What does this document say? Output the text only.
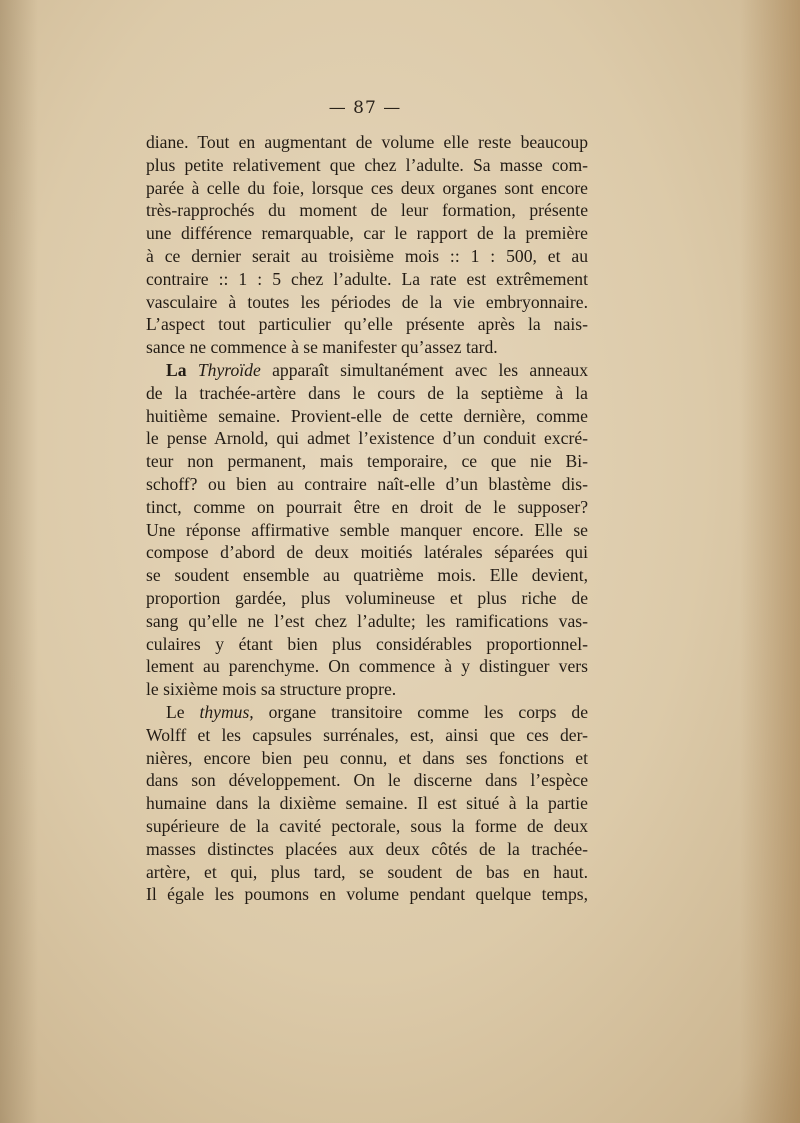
— 87 —
diane. Tout en augmentant de volume elle reste beaucoup
plus petite relativement que chez l’adulte. Sa masse com-
parée à celle du foie, lorsque ces deux organes sont encore
très-rapprochés du moment de leur formation, présente
une différence remarquable, car le rapport de la première
à ce dernier serait au troisième mois :: 1 : 500, et au
contraire :: 1 : 5 chez l’adulte. La rate est extrêmement
vasculaire à toutes les périodes de la vie embryonnaire.
L’aspect tout particulier qu’elle présente après la nais-
sance ne commence à se manifester qu’assez tard.
La Thyroïde apparaît simultanément avec les anneaux
de la trachée-artère dans le cours de la septième à la
huitième semaine. Provient-elle de cette dernière, comme
le pense Arnold, qui admet l’existence d’un conduit excré-
teur non permanent, mais temporaire, ce que nie Bi-
schoff? ou bien au contraire naît-elle d’un blastème dis-
tinct, comme on pourrait être en droit de le supposer?
Une réponse affirmative semble manquer encore. Elle se
compose d’abord de deux moitiés latérales séparées qui
se soudent ensemble au quatrième mois. Elle devient,
proportion gardée, plus volumineuse et plus riche de
sang qu’elle ne l’est chez l’adulte; les ramifications vas-
culaires y étant bien plus considérables proportionnel-
lement au parenchyme. On commence à y distinguer vers
le sixième mois sa structure propre.
Le thymus, organe transitoire comme les corps de
Wolff et les capsules surrénales, est, ainsi que ces der-
nières, encore bien peu connu, et dans ses fonctions et
dans son développement. On le discerne dans l’espèce
humaine dans la dixième semaine. Il est situé à la partie
supérieure de la cavité pectorale, sous la forme de deux
masses distinctes placées aux deux côtés de la trachée-
artère, et qui, plus tard, se soudent de bas en haut.
Il égale les poumons en volume pendant quelque temps,
